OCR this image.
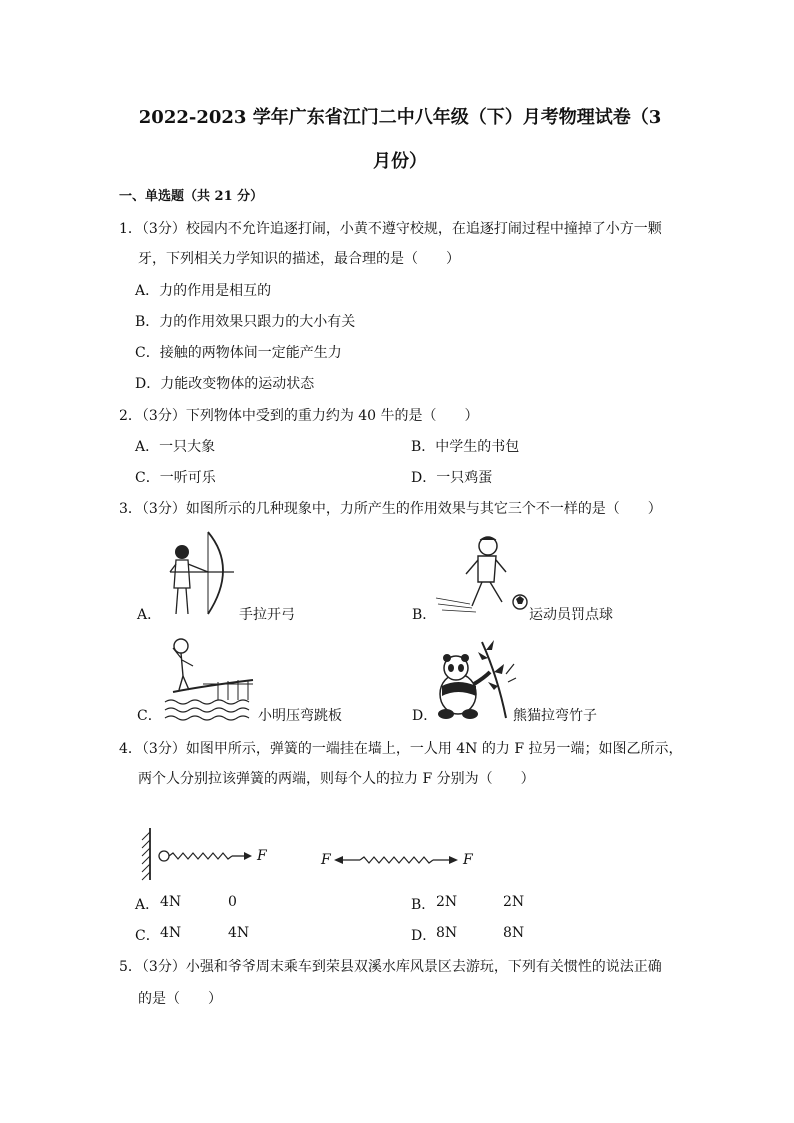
2022-2023 学年广东省江门二中八年级（下）月考物理试卷（3
月份）
一、单选题（共 21 分）
1．（3分）校园内不允许追逐打闹，小黄不遵守校规，在追逐打闹过程中撞掉了小方一颗
牙，下列相关力学知识的描述，最合理的是（　　）
A．力的作用是相互的
B．力的作用效果只跟力的大小有关
C．接触的两物体间一定能产生力
D．力能改变物体的运动状态
2．（3分）下列物体中受到的重力约为 40 牛的是（　　）
A．一只大象	B．中学生的书包
C．一听可乐	D．一只鸡蛋
3．（3分）如图所示的几种现象中，力所产生的作用效果与其它三个不一样的是（　　）
A．	手拉开弓	B．	运动员罚点球
C．	小明压弯跳板	D．	熊猫拉弯竹子
4．（3分）如图甲所示，弹簧的一端挂在墙上，一人用 4N 的力 F 拉另一端；如图乙所示，
两个人分别拉该弹簧的两端，则每个人的拉力 F 分别为（　　）
F	F	F
A． 4N	0	B． 2N	2N
C． 4N	4N	D． 8N	8N
5．（3分）小强和爷爷周末乘车到荣县双溪水库风景区去游玩，下列有关惯性的说法正确
的是（　　）
